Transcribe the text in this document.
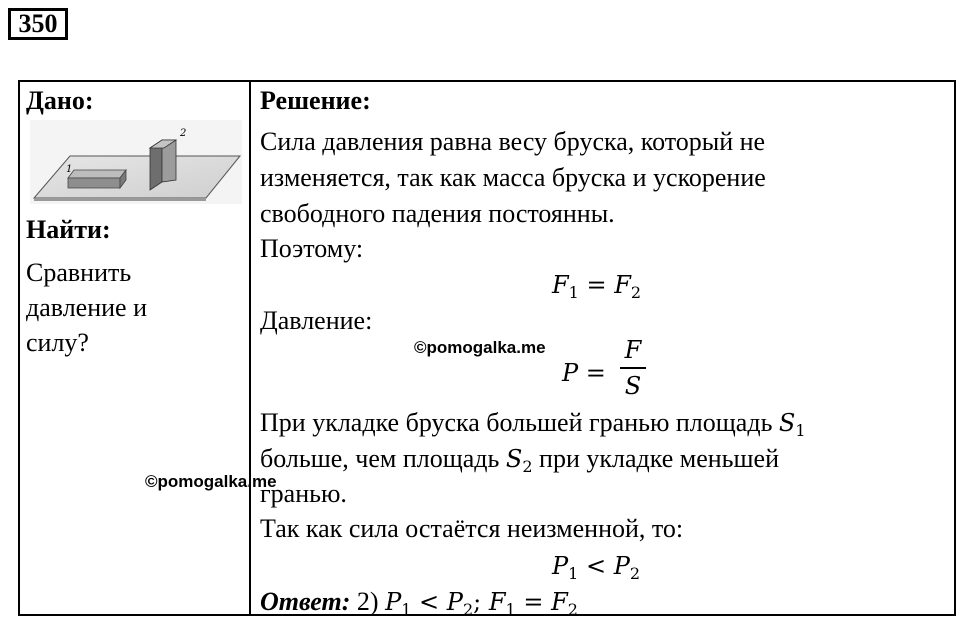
350
Дано:
1
2
Найти:
Сравнить
давление и
силу?
Решение:
Сила давления равна весу бруска, который не
изменяется, так как масса бруска и ускорение
свободного падения постоянны.
Поэтому:
$F_1 = F_2$
Давление:
P =
F
S
При укладке бруска большей гранью площадь $S_1$
больше, чем площадь $S_2$ при укладке меньшей
гранью.
Так как сила остаётся неизменной, то:
$P_1 < P_2$
Ответ: 2) $P_1 < P_2$; $F_1 = F_2$
©pomogalka.me
©pomogalka.me
